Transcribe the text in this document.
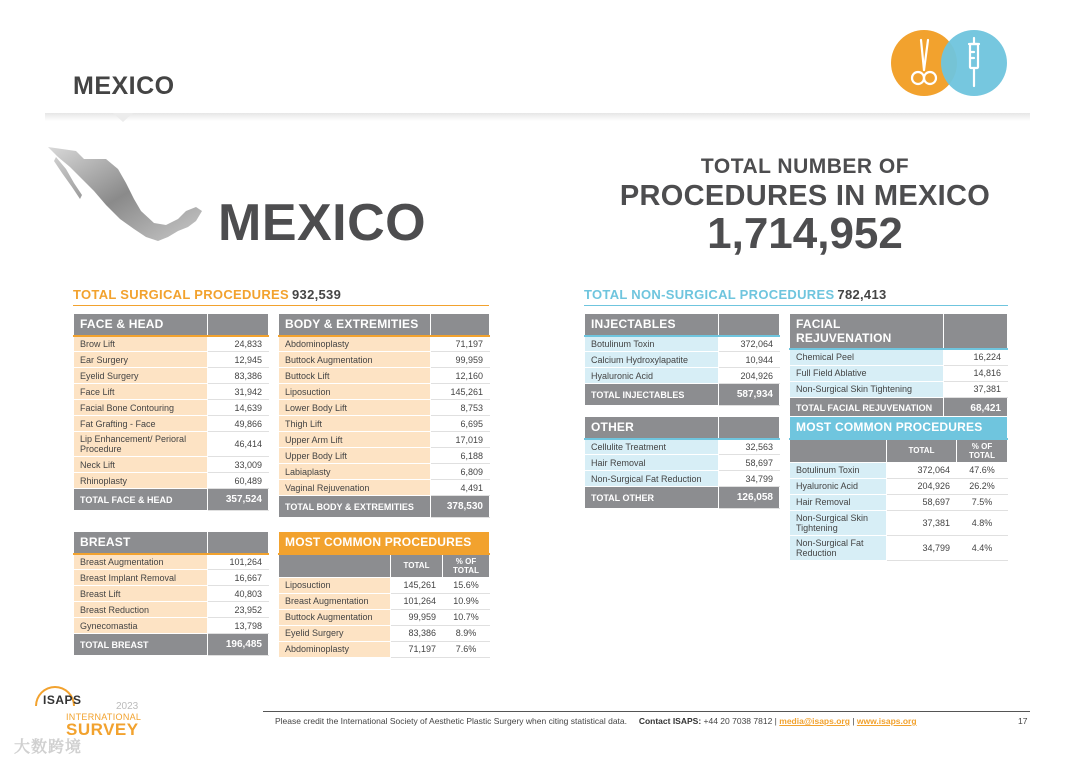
MEXICO
MEXICO
TOTAL NUMBER OF
PROCEDURES IN MEXICO
1,714,952
TOTAL SURGICAL PROCEDURES 932,539	TOTAL NON-SURGICAL PROCEDURES 782,413
FACE & HEAD	
Brow Lift	24,833
Ear Surgery	12,945
Eyelid Surgery	83,386
Face Lift	31,942
Facial Bone Contouring	14,639
Fat Grafting - Face	49,866
Lip Enhancement/ Perioral Procedure	46,414
Neck Lift	33,009
Rhinoplasty	60,489
TOTAL FACE & HEAD	357,524
BODY & EXTREMITIES	
Abdominoplasty	71,197
Buttock Augmentation	99,959
Buttock Lift	12,160
Liposuction	145,261
Lower Body Lift	8,753
Thigh Lift	6,695
Upper Arm Lift	17,019
Upper Body Lift	6,188
Labiaplasty	6,809
Vaginal Rejuvenation	4,491
TOTAL BODY & EXTREMITIES	378,530
BREAST	
Breast Augmentation	101,264
Breast Implant Removal	16,667
Breast Lift	40,803
Breast Reduction	23,952
Gynecomastia	13,798
TOTAL BREAST	196,485
MOST COMMON PROCEDURES		
	TOTAL	% OF TOTAL
Liposuction	145,261	15.6%
Breast Augmentation	101,264	10.9%
Buttock Augmentation	99,959	10.7%
Eyelid Surgery	83,386	8.9%
Abdominoplasty	71,197	7.6%
INJECTABLES	
Botulinum Toxin	372,064
Calcium Hydroxylapatite	10,944
Hyaluronic Acid	204,926
TOTAL INJECTABLES	587,934
FACIAL REJUVENATION	
Chemical Peel	16,224
Full Field Ablative	14,816
Non-Surgical Skin Tightening	37,381
TOTAL FACIAL REJUVENATION	68,421
OTHER	
Cellulite Treatment	32,563
Hair Removal	58,697
Non-Surgical Fat Reduction	34,799
TOTAL OTHER	126,058
MOST COMMON PROCEDURES		
	TOTAL	% OF TOTAL
Botulinum Toxin	372,064	47.6%
Hyaluronic Acid	204,926	26.2%
Hair Removal	58,697	7.5%
Non-Surgical Skin Tightening	37,381	4.8%
Non-Surgical Fat Reduction	34,799	4.4%
Please credit the International Society of Aesthetic Plastic Surgery when citing statistical data. Contact ISAPS: +44 20 7038 7812 | media@isaps.org | www.isaps.org	17
ISAPS	2023
INTERNATIONAL
SURVEY
大数跨境
